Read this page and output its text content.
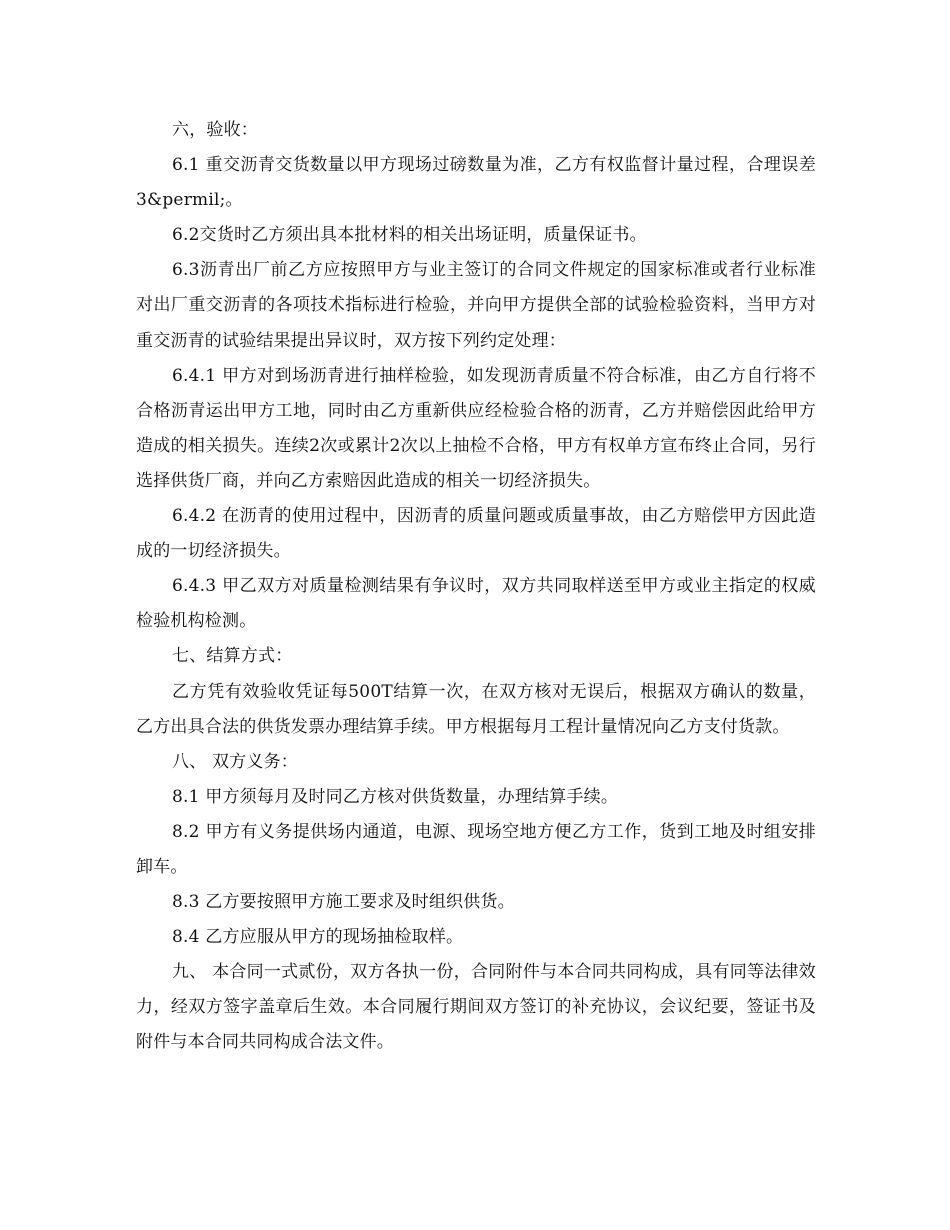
六，验收：

6.1 重交沥青交货数量以甲方现场过磅数量为准，乙方有权监督计量过程，合理误差3&permil;。

6.2交货时乙方须出具本批材料的相关出场证明，质量保证书。

6.3沥青出厂前乙方应按照甲方与业主签订的合同文件规定的国家标准或者行业标准对出厂重交沥青的各项技术指标进行检验，并向甲方提供全部的试验检验资料，当甲方对重交沥青的试验结果提出异议时，双方按下列约定处理：

6.4.1 甲方对到场沥青进行抽样检验，如发现沥青质量不符合标准，由乙方自行将不合格沥青运出甲方工地，同时由乙方重新供应经检验合格的沥青，乙方并赔偿因此给甲方造成的相关损失。连续2次或累计2次以上抽检不合格，甲方有权单方宣布终止合同，另行选择供货厂商，并向乙方索赔因此造成的相关一切经济损失。

6.4.2 在沥青的使用过程中，因沥青的质量问题或质量事故，由乙方赔偿甲方因此造成的一切经济损失。

6.4.3 甲乙双方对质量检测结果有争议时，双方共同取样送至甲方或业主指定的权威检验机构检测。

七、结算方式：

乙方凭有效验收凭证每500T结算一次，在双方核对无误后，根据双方确认的数量，乙方出具合法的供货发票办理结算手续。甲方根据每月工程计量情况向乙方支付货款。

八、 双方义务：

8.1 甲方须每月及时同乙方核对供货数量，办理结算手续。

8.2 甲方有义务提供场内通道，电源、现场空地方便乙方工作，货到工地及时组安排卸车。

8.3 乙方要按照甲方施工要求及时组织供货。

8.4 乙方应服从甲方的现场抽检取样。

九、 本合同一式贰份，双方各执一份，合同附件与本合同共同构成，具有同等法律效力，经双方签字盖章后生效。本合同履行期间双方签订的补充协议，会议纪要，签证书及附件与本合同共同构成合法文件。
